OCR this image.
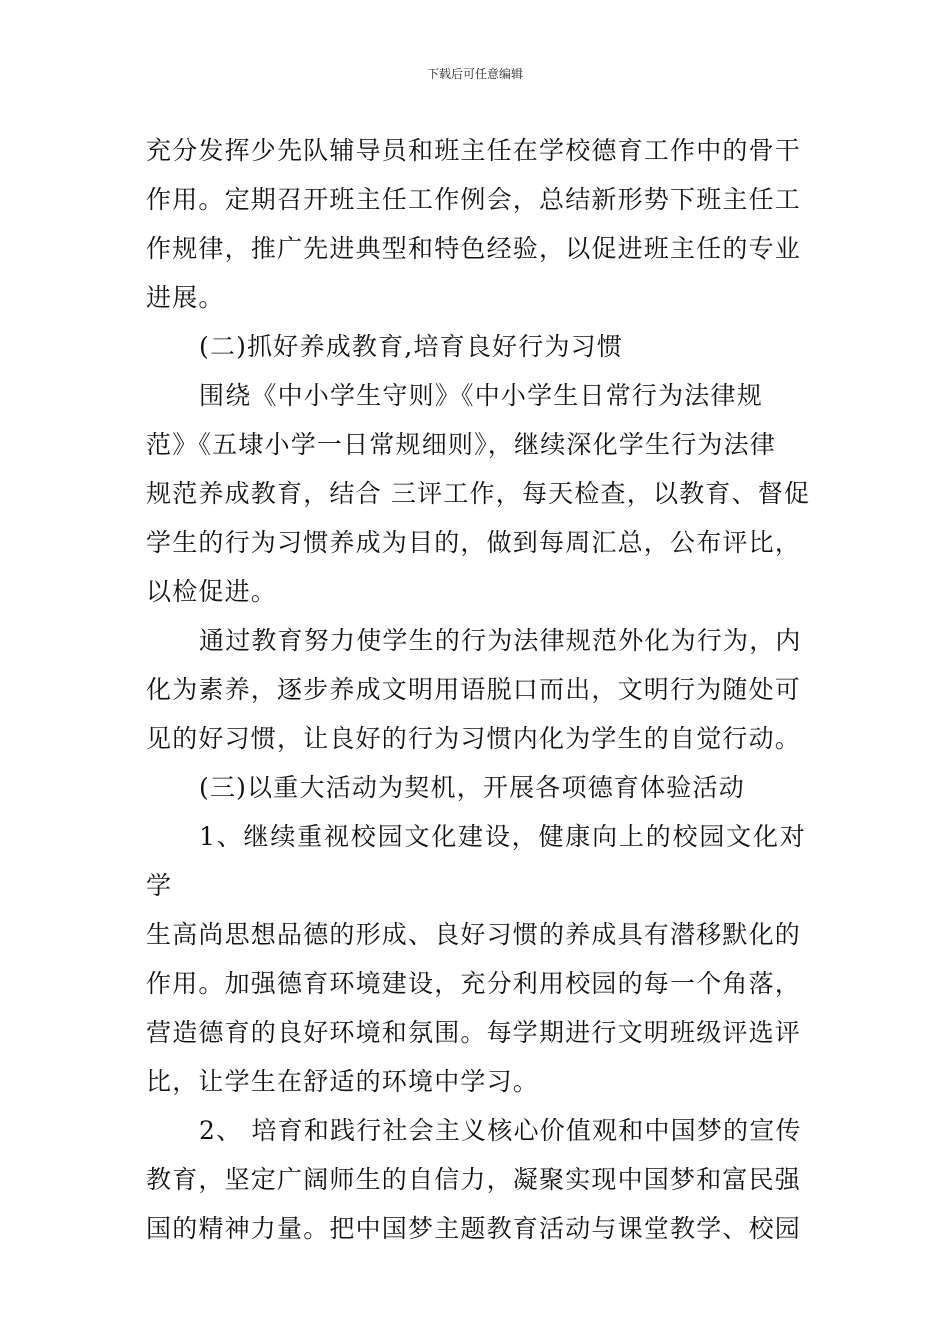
下载后可任意编辑

充分发挥少先队辅导员和班主任在学校德育工作中的骨干
作用。定期召开班主任工作例会，总结新形势下班主任工
作规律，推广先进典型和特色经验，以促进班主任的专业
进展。

(二)抓好养成教育,培育良好行为习惯

围绕《中小学生守则》《中小学生日常行为法律规

范》《五埭小学一日常规细则》，继续深化学生行为法律
规范养成教育，结合 三评工作，每天检查，以教育、督促
学生的行为习惯养成为目的，做到每周汇总，公布评比，
以检促进。

通过教育努力使学生的行为法律规范外化为行为，内

化为素养，逐步养成文明用语脱口而出，文明行为随处可
见的好习惯，让良好的行为习惯内化为学生的自觉行动。

(三)以重大活动为契机，开展各项德育体验活动

1、继续重视校园文化建设，健康向上的校园文化对学

生高尚思想品德的形成、良好习惯的养成具有潜移默化的
作用。加强德育环境建设，充分利用校园的每一个角落，
营造德育的良好环境和氛围。每学期进行文明班级评选评
比，让学生在舒适的环境中学习。

2、 培育和践行社会主义核心价值观和中国梦的宣传

教育，坚定广阔师生的自信力，凝聚实现中国梦和富民强
国的精神力量。把中国梦主题教育活动与课堂教学、校园
